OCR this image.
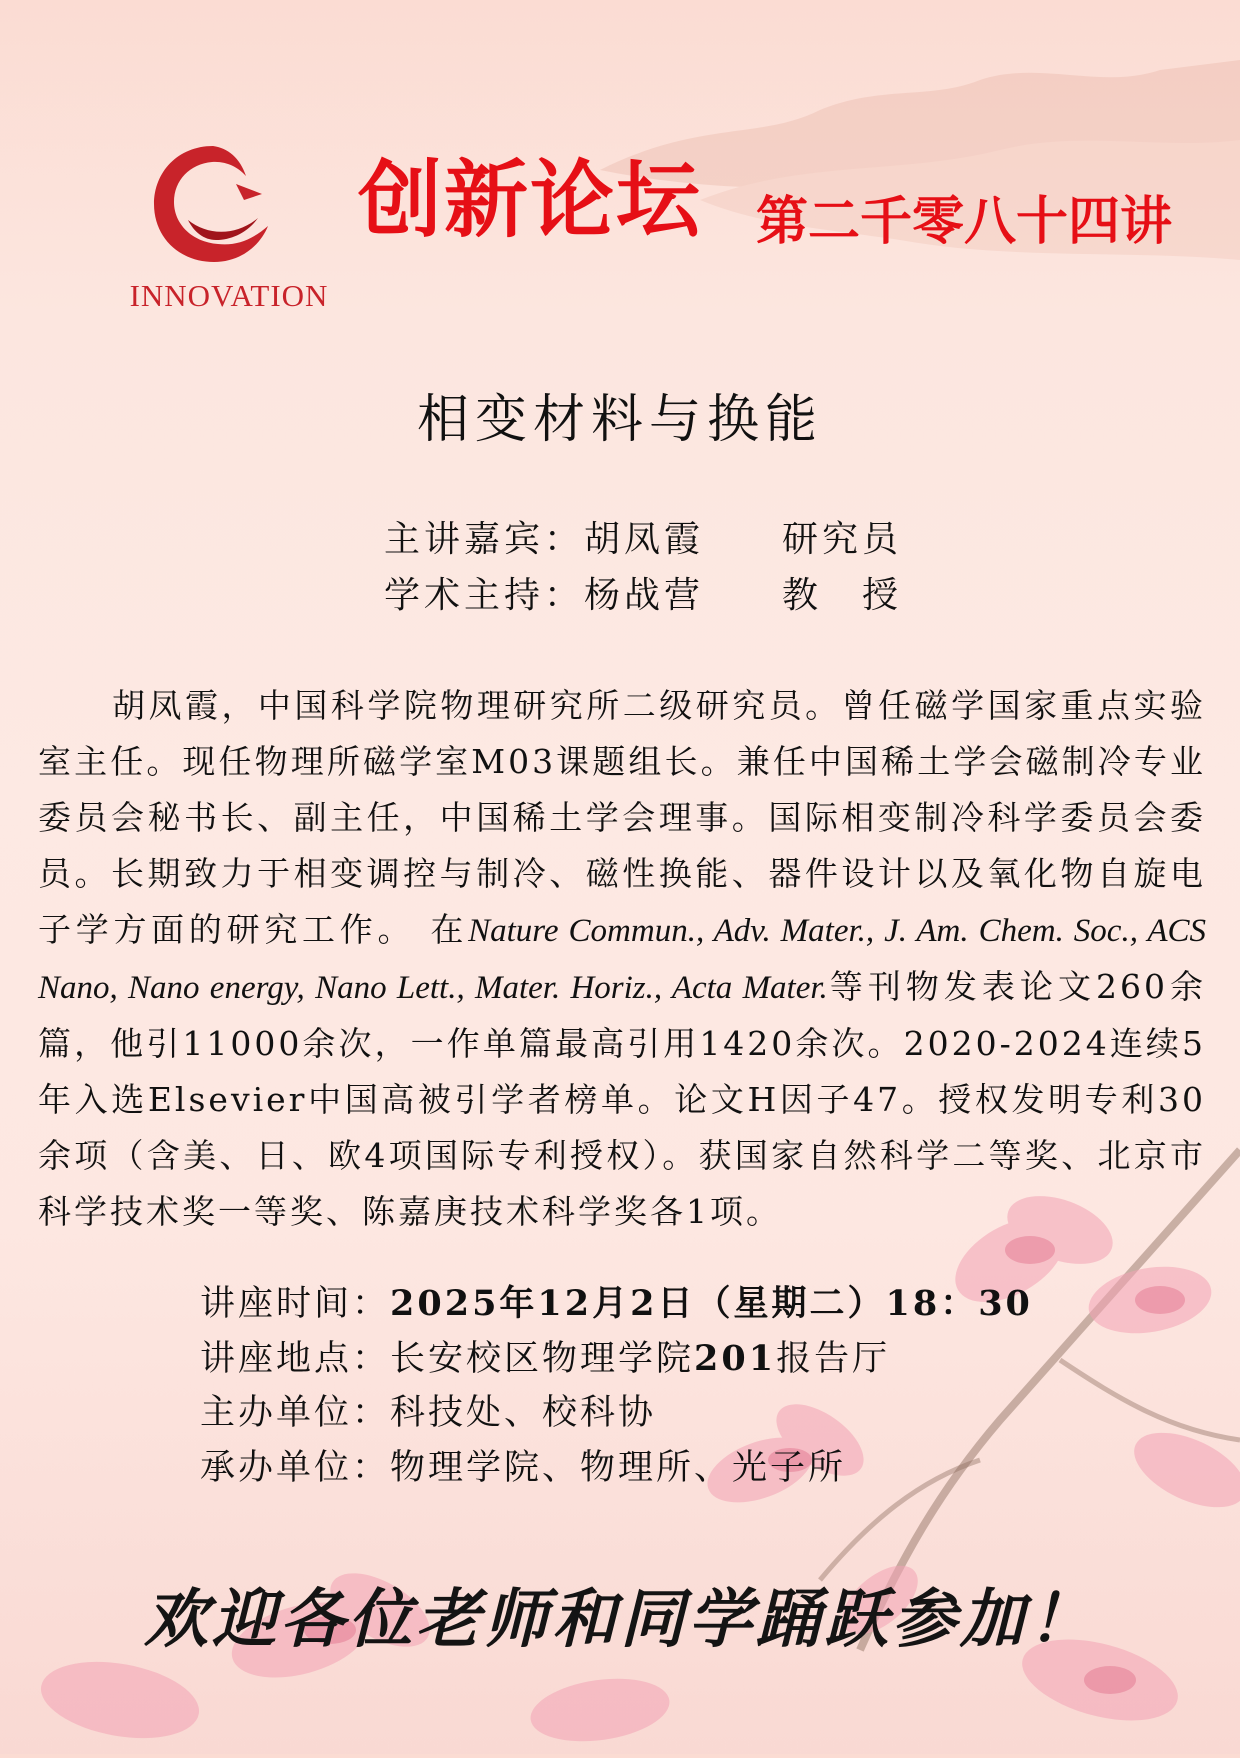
INNOVATION
创新论坛 第二千零八十四讲
相变材料与换能
主讲嘉宾：胡凤霞 研究员
学术主持：杨战营 教　授
胡凤霞，中国科学院物理研究所二级研究员。曾任磁学国家重点实验室主任。现任物理所磁学室M03课题组长。兼任中国稀土学会磁制冷专业委员会秘书长、副主任，中国稀土学会理事。国际相变制冷科学委员会委员。长期致力于相变调控与制冷、磁性换能、器件设计以及氧化物自旋电子学方面的研究工作。 在Nature Commun., Adv. Mater., J. Am. Chem. Soc., ACS Nano, Nano energy, Nano Lett., Mater. Horiz., Acta Mater.等刊物发表论文260余篇，他引11000余次，一作单篇最高引用1420余次。2020-2024连续5年入选Elsevier中国高被引学者榜单。论文H因子47。授权发明专利30余项（含美、日、欧4项国际专利授权）。获国家自然科学二等奖、北京市科学技术奖一等奖、陈嘉庚技术科学奖各1项。
讲座时间：2025年12月2日（星期二）18：30
讲座地点：长安校区物理学院201报告厅
主办单位：科技处、校科协
承办单位：物理学院、物理所、光子所
欢迎各位老师和同学踊跃参加！
